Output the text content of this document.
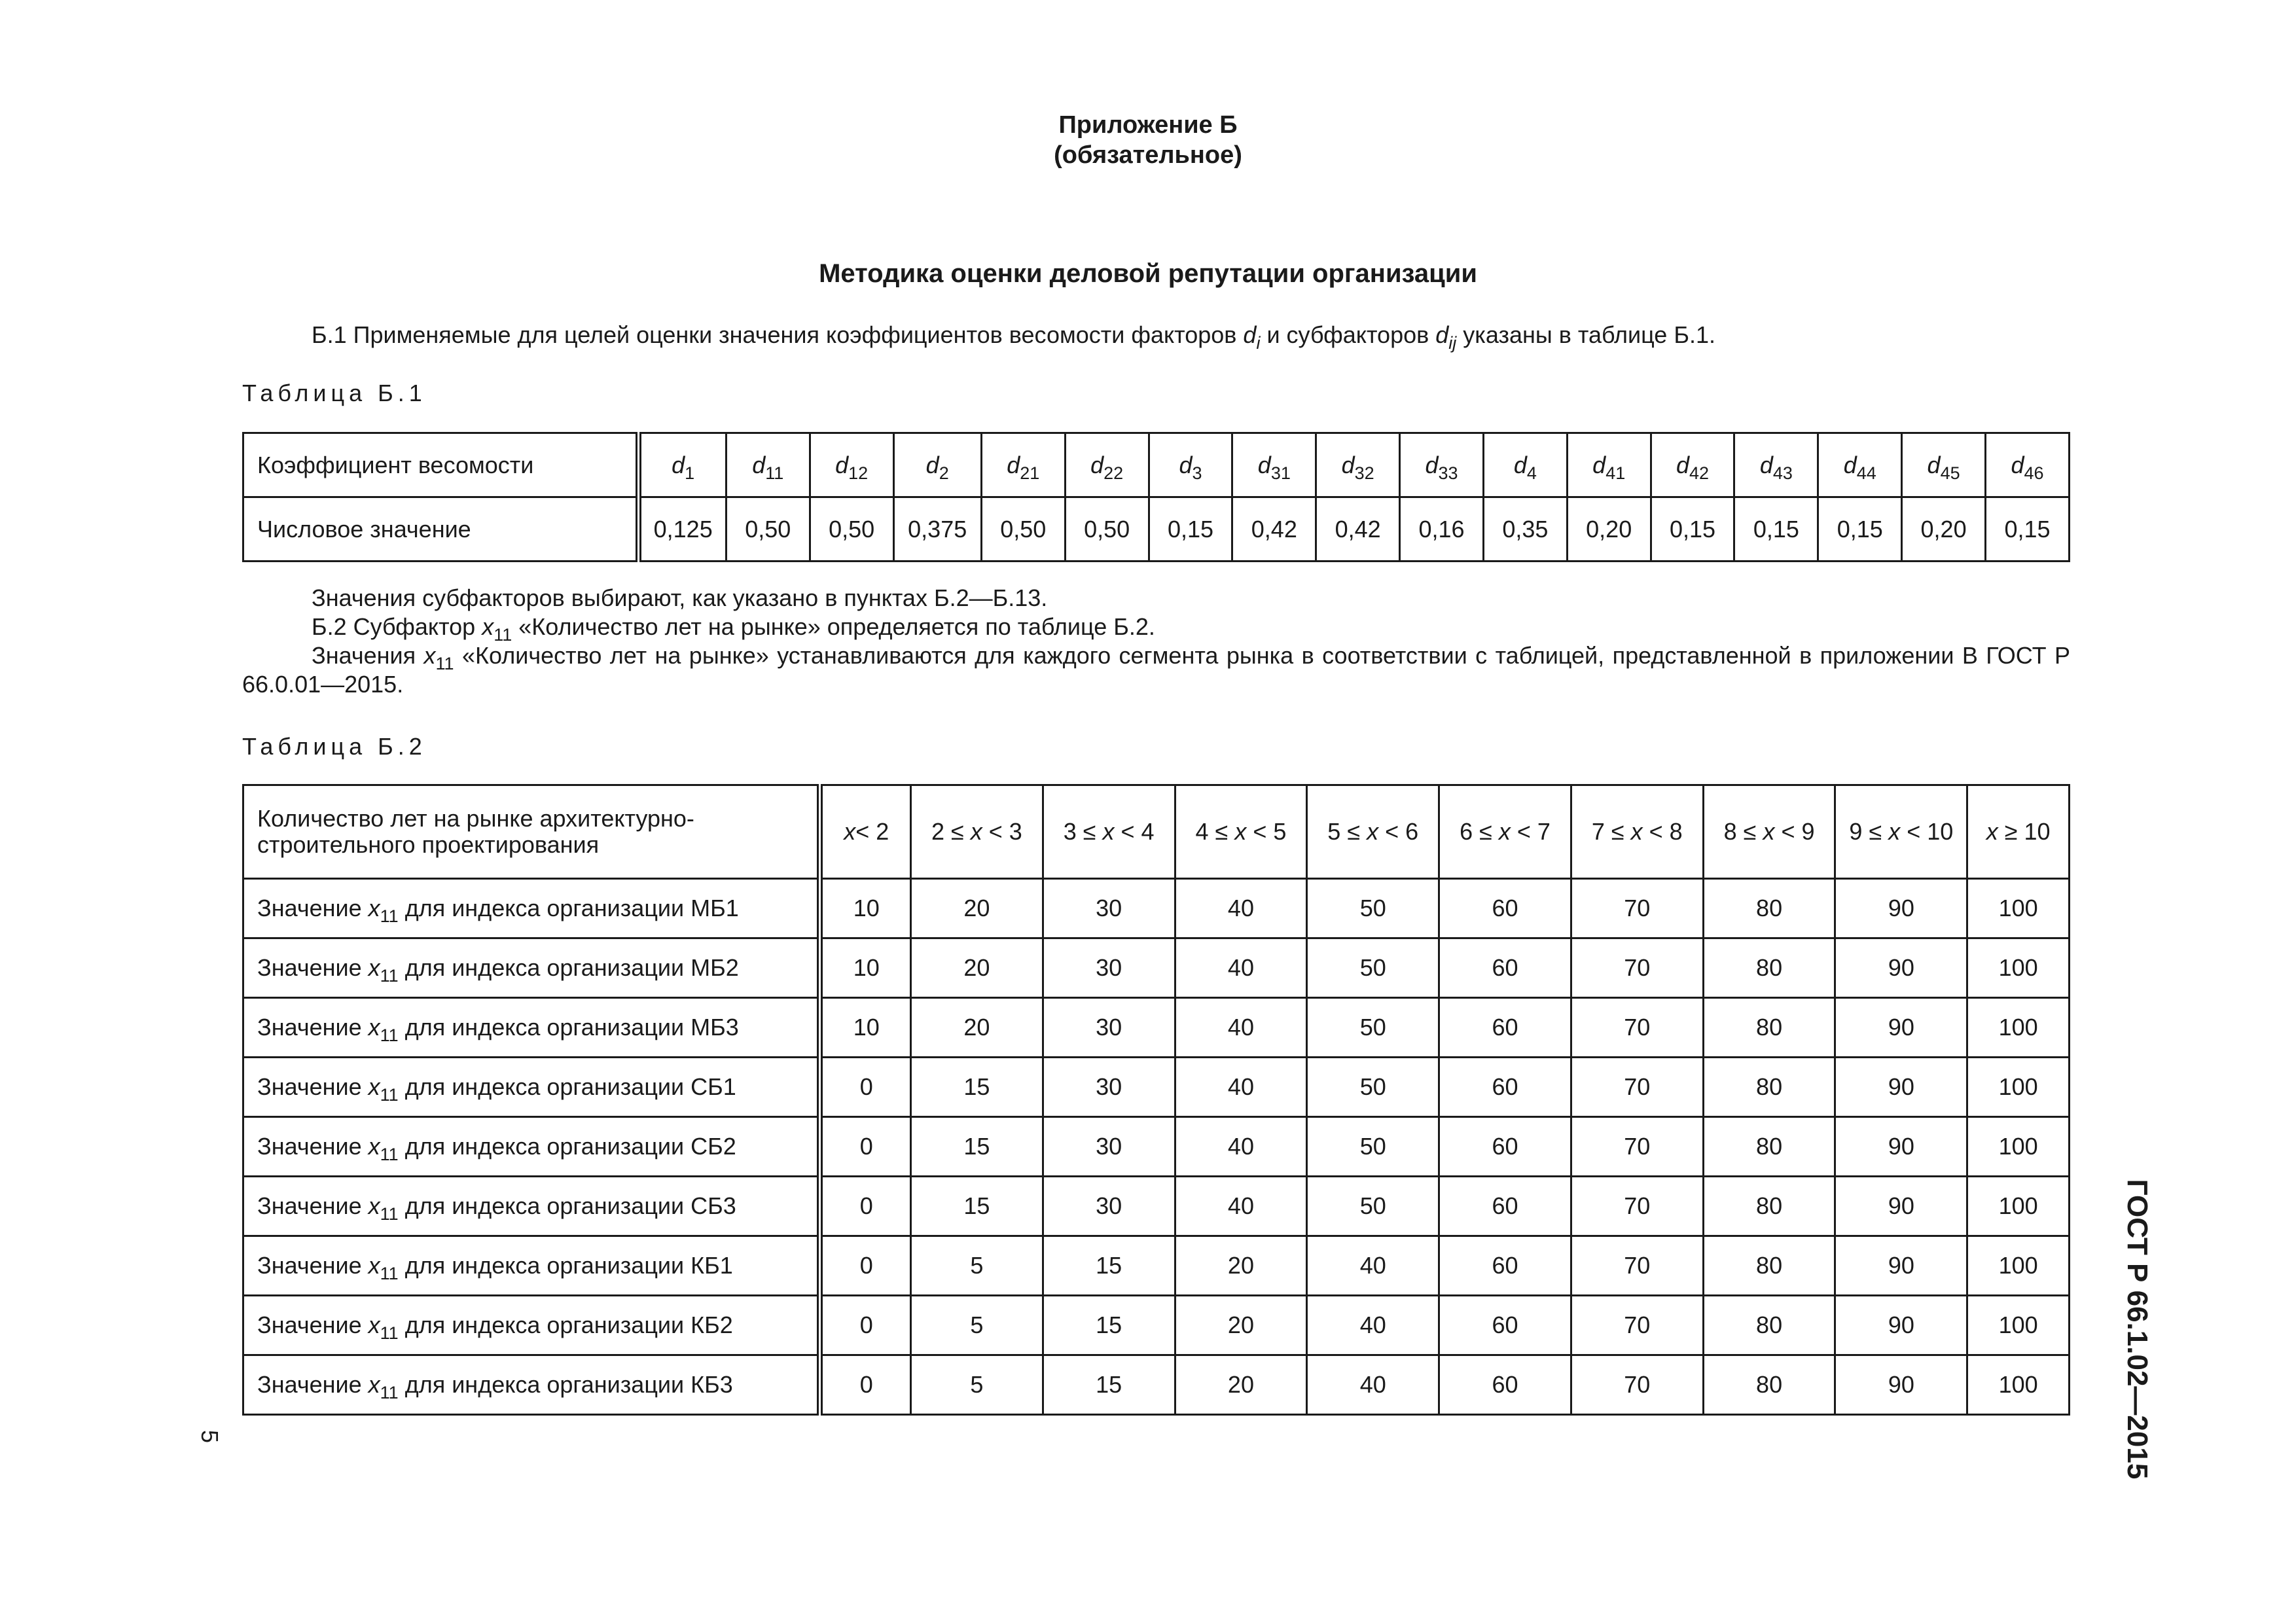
Приложение Б
(обязательное)
Методика оценки деловой репутации организации
Б.1 Применяемые для целей оценки значения коэффициентов весомости факторов $d_i$ и субфакторов $d_{ij}$ указаны в таблице Б.1.
Таблица Б.1
Коэффициент весомости	$d_1$	$d_{11}$	$d_{12}$	$d_2$	$d_{21}$	$d_{22}$	$d_3$	$d_{31}$	$d_{32}$	$d_{33}$	$d_4$	$d_{41}$	$d_{42}$	$d_{43}$	$d_{44}$	$d_{45}$	$d_{46}$
Числовое значение	0,125	0,50	0,50	0,375	0,50	0,50	0,15	0,42	0,42	0,16	0,35	0,20	0,15	0,15	0,15	0,20	0,15
Значения субфакторов выбирают, как указано в пунктах Б.2—Б.13.
Б.2 Субфактор $x_{11}$ «Количество лет на рынке» определяется по таблице Б.2.
Значения $x_{11}$ «Количество лет на рынке» устанавливаются для каждого сегмента рынка в соответствии с таблицей, представленной в приложении В ГОСТ Р 66.0.01—2015.
Таблица Б.2
Количество лет на рынке архитектурно-строительного проектирования	x< 2	2 ≤ x < 3	3 ≤ x < 4	4 ≤ x < 5	5 ≤ x < 6	6 ≤ x < 7	7 ≤ x < 8	8 ≤ x < 9	9 ≤ x < 10	x ≥ 10
Значение $x_{11}$ для индекса организации МБ1	10	20	30	40	50	60	70	80	90	100
Значение $x_{11}$ для индекса организации МБ2	10	20	30	40	50	60	70	80	90	100
Значение $x_{11}$ для индекса организации МБ3	10	20	30	40	50	60	70	80	90	100
Значение $x_{11}$ для индекса организации СБ1	0	15	30	40	50	60	70	80	90	100
Значение $x_{11}$ для индекса организации СБ2	0	15	30	40	50	60	70	80	90	100
Значение $x_{11}$ для индекса организации СБ3	0	15	30	40	50	60	70	80	90	100
Значение $x_{11}$ для индекса организации КБ1	0	5	15	20	40	60	70	80	90	100
Значение $x_{11}$ для индекса организации КБ2	0	5	15	20	40	60	70	80	90	100
Значение $x_{11}$ для индекса организации КБ3	0	5	15	20	40	60	70	80	90	100	ГОСТ Р 66.1.02—2015
5
